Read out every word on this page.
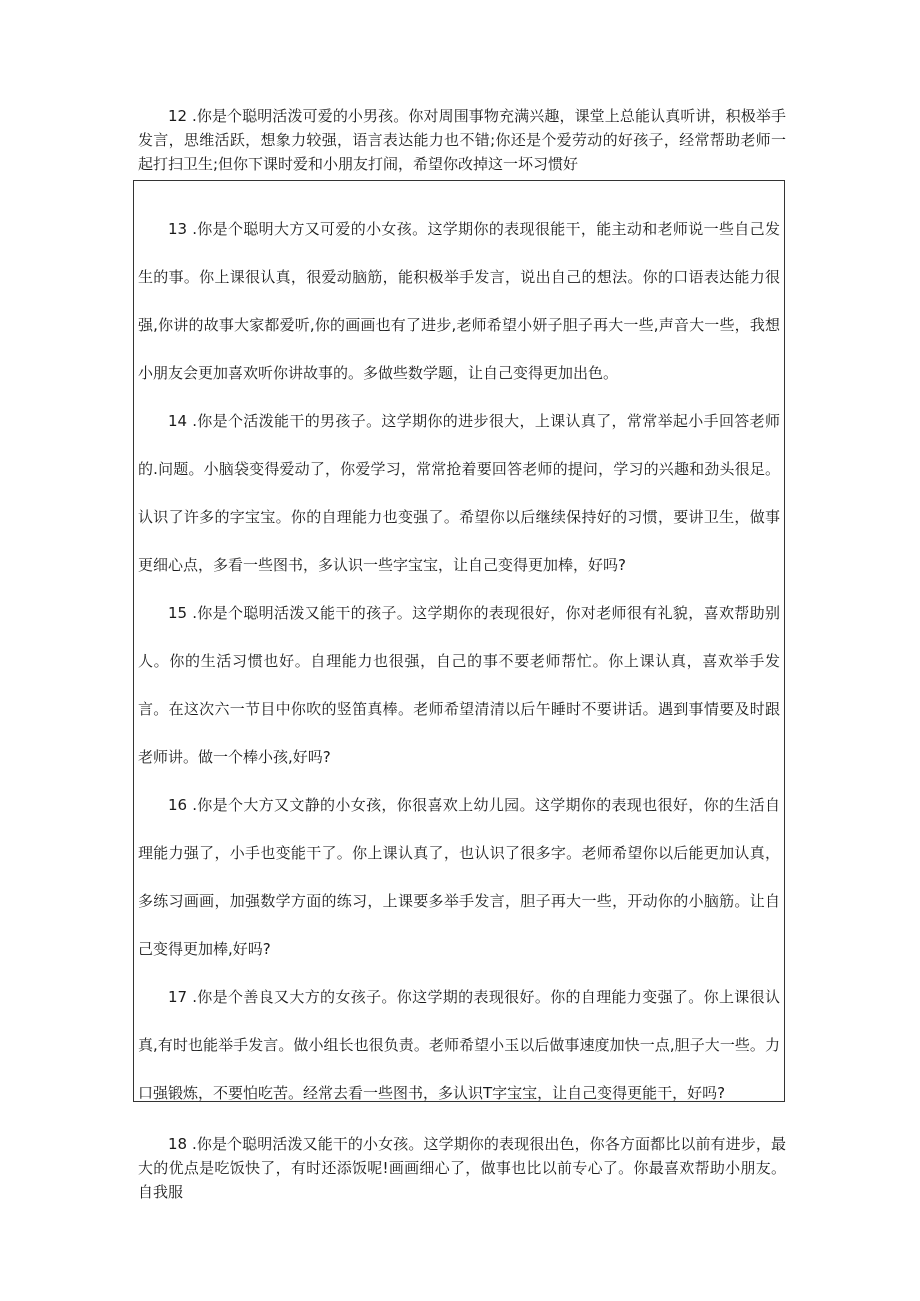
12 .你是个聪明活泼可爱的小男孩。你对周围事物充满兴趣，课堂上总能认真听讲，积极举手发言，思维活跃，想象力较强，语言表达能力也不错;你还是个爱劳动的好孩子，经常帮助老师一起打扫卫生;但你下课时爱和小朋友打闹，希望你改掉这一坏习惯好

13 .你是个聪明大方又可爱的小女孩。这学期你的表现很能干，能主动和老师说一些自己发生的事。你上课很认真，很爱动脑筋，能积极举手发言，说出自己的想法。你的口语表达能力很强,你讲的故事大家都爱听,你的画画也有了进步,老师希望小妍子胆子再大一些,声音大一些，我想小朋友会更加喜欢听你讲故事的。多做些数学题，让自己变得更加出色。

14 .你是个活泼能干的男孩子。这学期你的进步很大，上课认真了，常常举起小手回答老师的.问题。小脑袋变得爱动了，你爱学习，常常抢着要回答老师的提问，学习的兴趣和劲头很足。认识了许多的字宝宝。你的自理能力也变强了。希望你以后继续保持好的习惯，要讲卫生，做事更细心点，多看一些图书，多认识一些字宝宝，让自己变得更加棒，好吗?

15 .你是个聪明活泼又能干的孩子。这学期你的表现很好，你对老师很有礼貌，喜欢帮助别人。你的生活习惯也好。自理能力也很强，自己的事不要老师帮忙。你上课认真，喜欢举手发言。在这次六一节目中你吹的竖笛真棒。老师希望清清以后午睡时不要讲话。遇到事情要及时跟老师讲。做一个棒小孩,好吗?

16 .你是个大方又文静的小女孩，你很喜欢上幼儿园。这学期你的表现也很好，你的生活自理能力强了，小手也变能干了。你上课认真了，也认识了很多字。老师希望你以后能更加认真，多练习画画，加强数学方面的练习，上课要多举手发言，胆子再大一些，开动你的小脑筋。让自己变得更加棒,好吗?

17 .你是个善良又大方的女孩子。你这学期的表现很好。你的自理能力变强了。你上课很认真,有时也能举手发言。做小组长也很负责。老师希望小玉以后做事速度加快一点,胆子大一些。力口强锻炼，不要怕吃苦。经常去看一些图书，多认识T字宝宝，让自己变得更能干，好吗?

18 .你是个聪明活泼又能干的小女孩。这学期你的表现很出色，你各方面都比以前有进步，最大的优点是吃饭快了，有时还添饭呢!画画细心了，做事也比以前专心了。你最喜欢帮助小朋友。自我服
